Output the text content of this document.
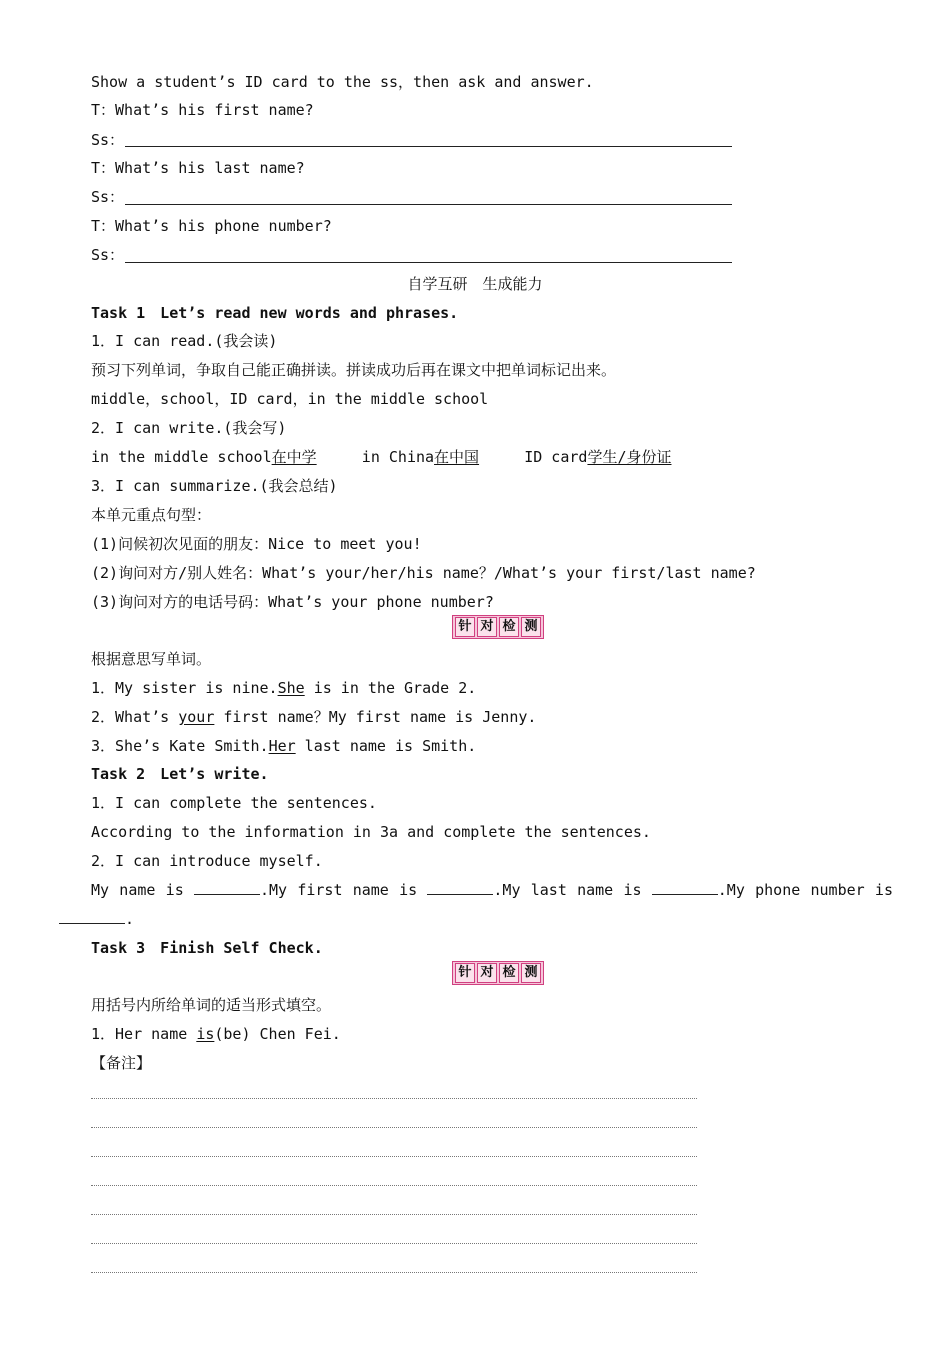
Show a student’s ID card to the ss，then ask and answer.
T：What’s his first name?
Ss：
T：What’s his last name?
Ss：
T：What’s his phone number?
Ss：
自学互研　生成能力
Task 1　Let’s read new words and phrases.
1．I can read.(我会读)
预习下列单词，争取自己能正确拼读。拼读成功后再在课文中把单词标记出来。
middle，school，ID card，in the middle school
2．I can write.(我会写)
in the middle school在中学	in China在中国	ID card学生/身份证
3．I can summarize.(我会总结)
本单元重点句型：
(1)问候初次见面的朋友：Nice to meet you!
(2)询问对方/别人姓名：What’s your/her/his name？/What’s your first/last name?
(3)询问对方的电话号码：What’s your phone number?
针 对 检 测
根据意思写单词。
1．My sister is nine.She is in the Grade 2.
2．What’s your first name？My first name is Jenny.
3．She’s Kate Smith.Her last name is Smith.
Task 2　Let’s write.
1．I can complete the sentences.
According to the information in 3a and complete the sentences.
2．I can introduce myself.
My name is	.My first name is	.My last name is	.My phone number is
.
Task 3　Finish Self Check.
针 对 检 测
用括号内所给单词的适当形式填空。
1．Her name is(be) Chen Fei.
【备注】
